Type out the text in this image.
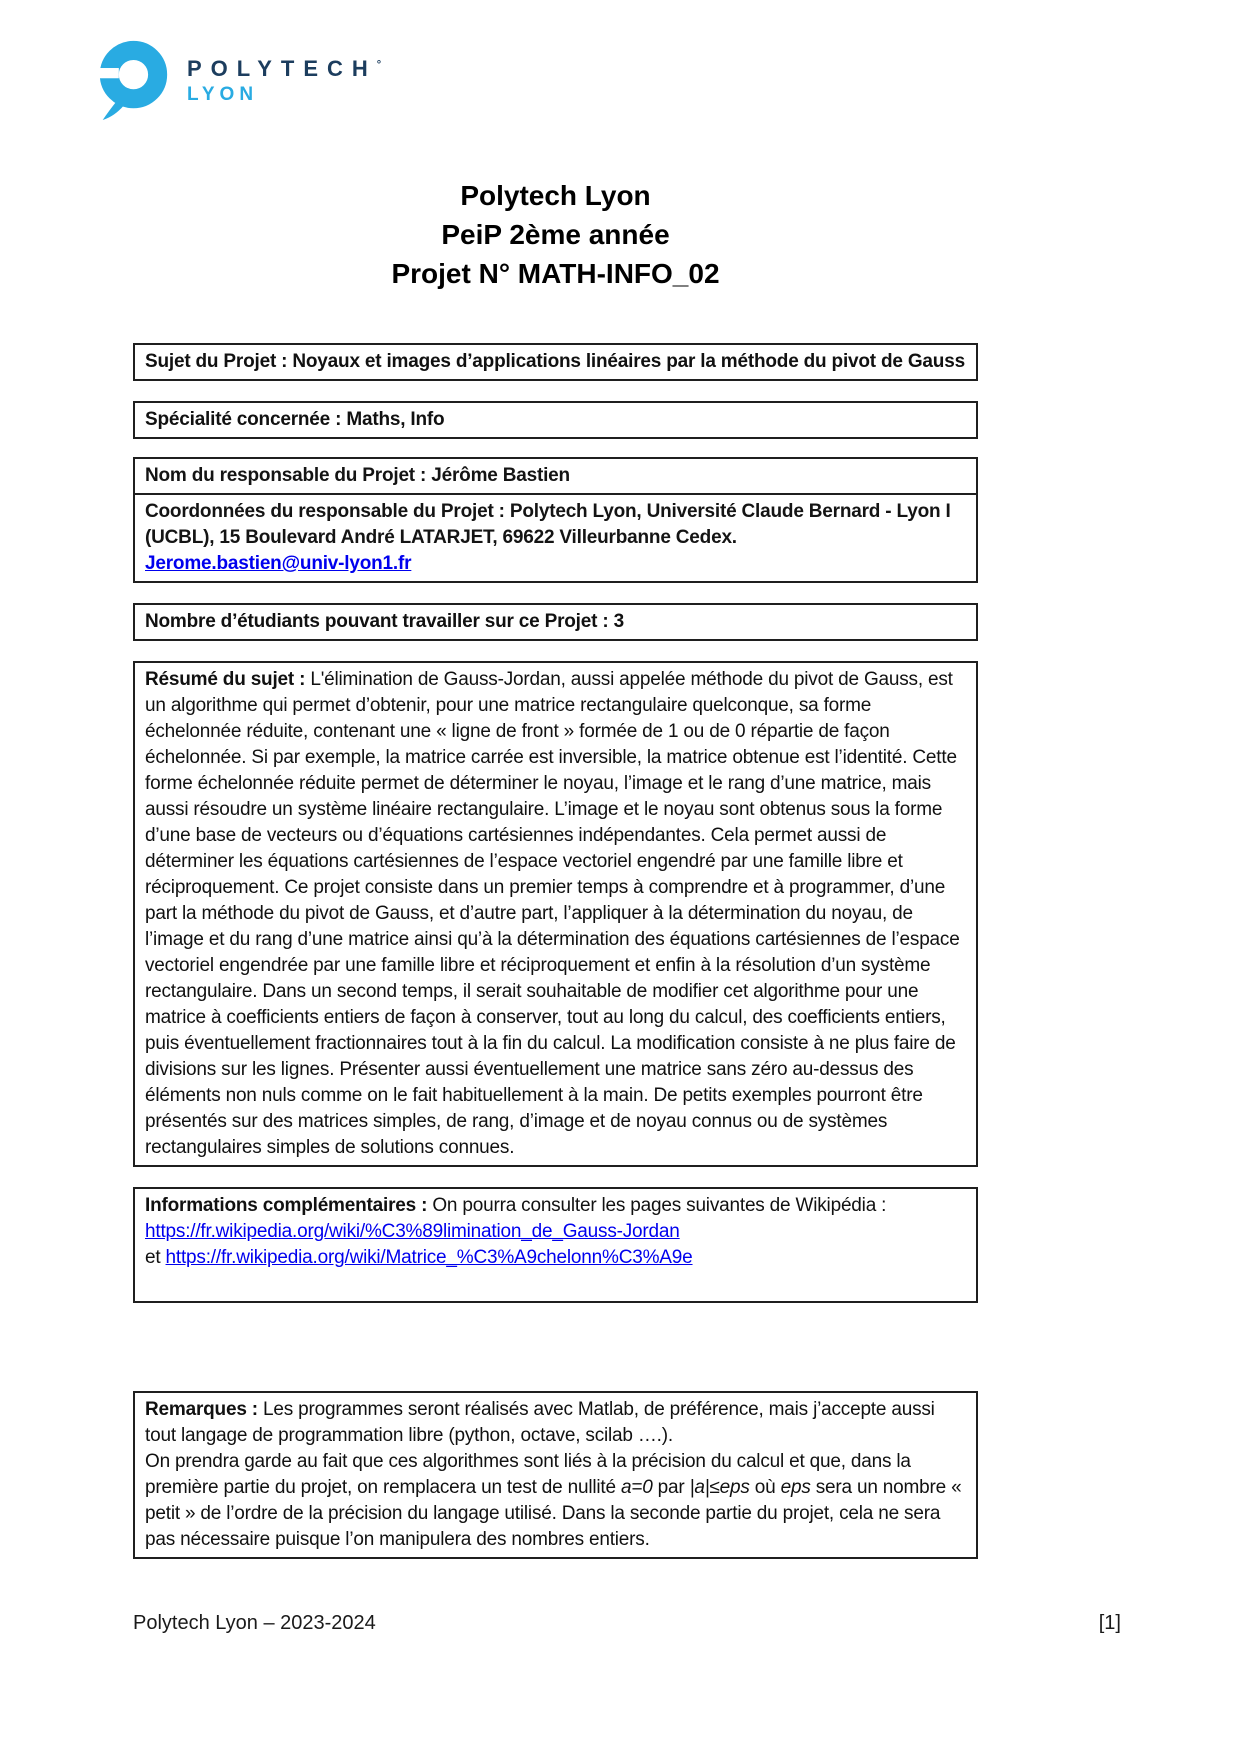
POLYTECH°
LYON
Polytech Lyon
PeiP 2ème année
Projet N° MATH-INFO_02

Sujet du Projet : Noyaux et images d’applications linéaires par la méthode du pivot de Gauss

Spécialité concernée : Maths, Info

Nom du responsable du Projet : Jérôme Bastien

Coordonnées du responsable du Projet : Polytech Lyon, Université Claude Bernard - Lyon I (UCBL), 15 Boulevard André LATARJET, 69622 Villeurbanne Cedex.

Jerome.bastien@univ-lyon1.fr

Nombre d’étudiants pouvant travailler sur ce Projet : 3

Résumé du sujet : L'élimination de Gauss-Jordan, aussi appelée méthode du pivot de Gauss, est un algorithme qui permet d’obtenir, pour une matrice rectangulaire quelconque, sa forme échelonnée réduite, contenant une « ligne de front » formée de 1 ou de 0 répartie de façon échelonnée. Si par exemple, la matrice carrée est inversible, la matrice obtenue est l’identité. Cette forme échelonnée réduite permet de déterminer le noyau, l’image et le rang d’une matrice, mais aussi résoudre un système linéaire rectangulaire. L’image et le noyau sont obtenus sous la forme d’une base de vecteurs ou d’équations cartésiennes indépendantes. Cela permet aussi de déterminer les équations cartésiennes de l’espace vectoriel engendré par une famille libre et réciproquement. Ce projet consiste dans un premier temps à comprendre et à programmer, d’une part la méthode du pivot de Gauss, et d’autre part, l’appliquer à la détermination du noyau, de l’image et du rang d’une matrice ainsi qu’à la détermination des équations cartésiennes de l’espace vectoriel engendrée par une famille libre et réciproquement et enfin à la résolution d’un système rectangulaire. Dans un second temps, il serait souhaitable de modifier cet algorithme pour une matrice à coefficients entiers de façon à conserver, tout au long du calcul, des coefficients entiers, puis éventuellement fractionnaires tout à la fin du calcul. La modification consiste à ne plus faire de divisions sur les lignes. Présenter aussi éventuellement une matrice sans zéro au-dessus des éléments non nuls comme on le fait habituellement à la main. De petits exemples pourront être présentés sur des matrices simples, de rang, d’image et de noyau connus ou de systèmes rectangulaires simples de solutions connues.

Informations complémentaires : On pourra consulter les pages suivantes de Wikipédia :

https://fr.wikipedia.org/wiki/%C3%89limination_de_Gauss-Jordan

et https://fr.wikipedia.org/wiki/Matrice_%C3%A9chelonn%C3%A9e

Remarques : Les programmes seront réalisés avec Matlab, de préférence, mais j’accepte aussi tout langage de programmation libre (python, octave, scilab ….).

On prendra garde au fait que ces algorithmes sont liés à la précision du calcul et que, dans la première partie du projet, on remplacera un test de nullité a=0 par |a|≤eps où eps sera un nombre « petit » de l’ordre de la précision du langage utilisé. Dans la seconde partie du projet, cela ne sera pas nécessaire puisque l’on manipulera des nombres entiers.

Polytech Lyon – 2023-2024	[1]
